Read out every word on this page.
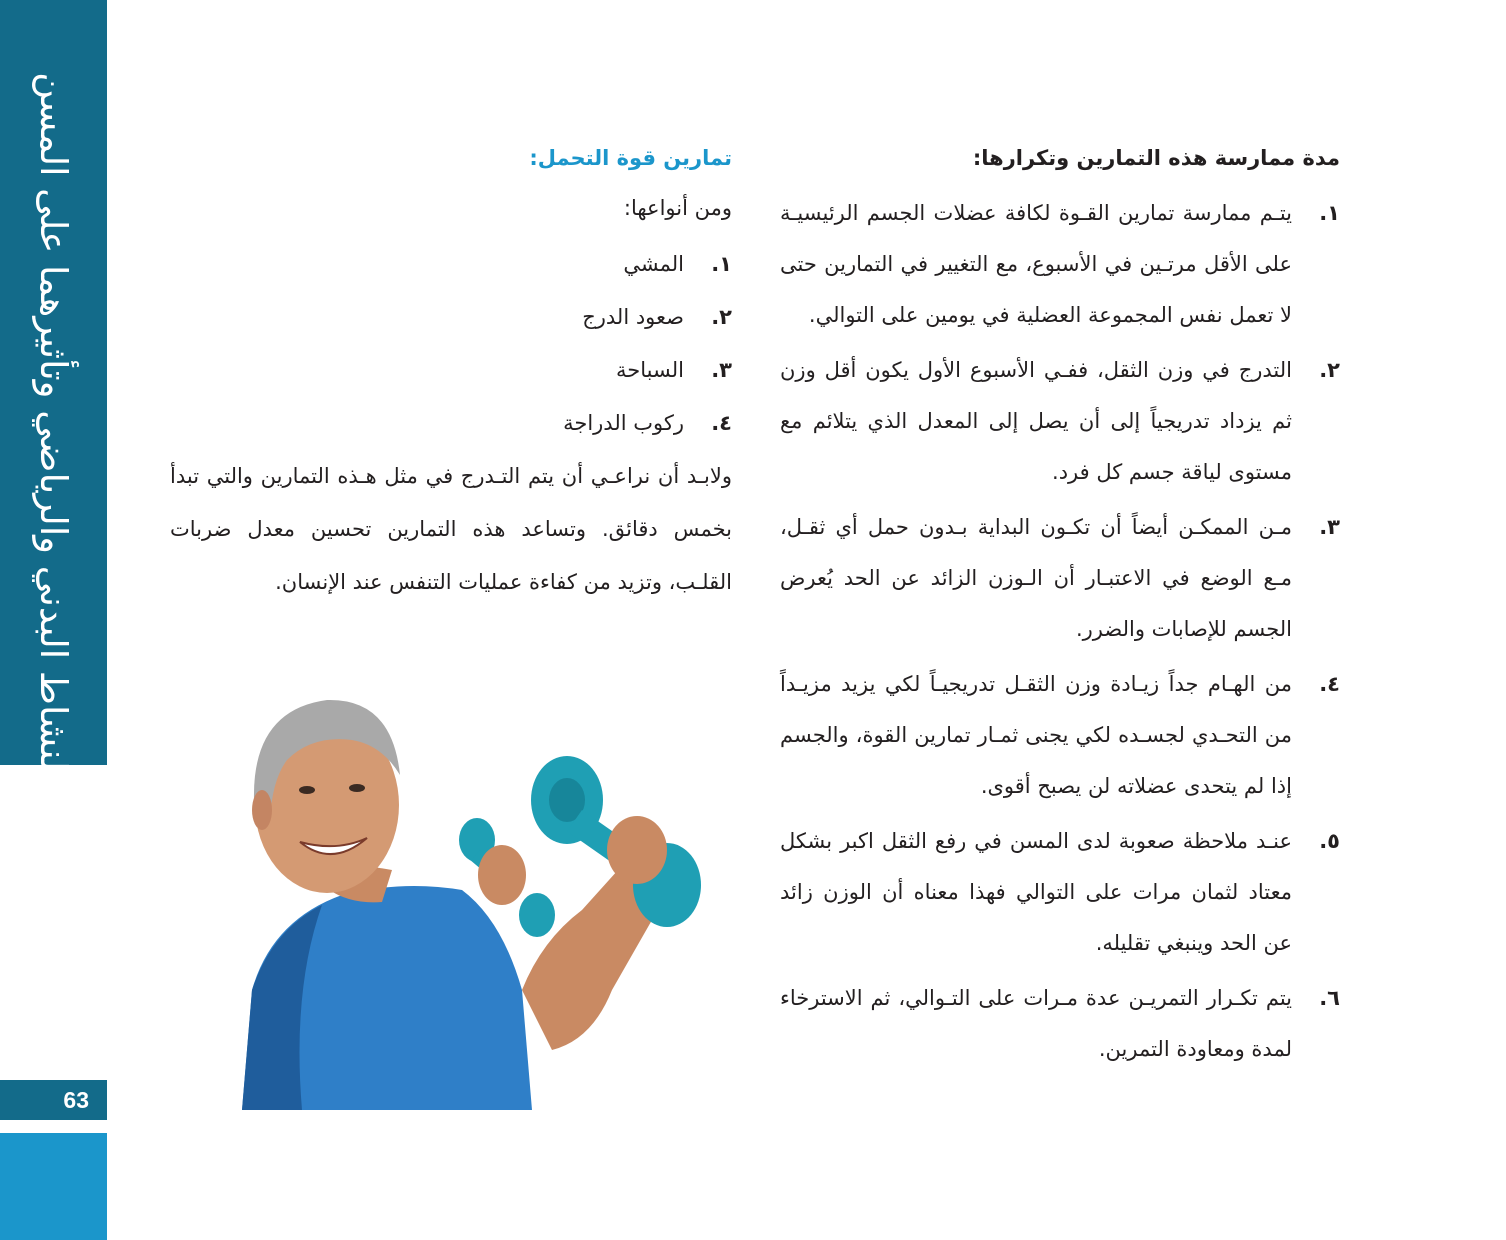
النشاط البدني والرياضي وتأثيرهما على المسن
63
مدة ممارسة هذه التمارين وتكرارها:
١.
يتـم ممارسة تمارين القـوة لكافة عضلات الجسم الرئيسيـة على الأقل مرتـين في الأسبوع، مع التغيير في التمارين حتى لا تعمل نفس المجموعة العضلية في يومين على التوالي.
٢.
التدرج في وزن الثقل، ففـي الأسبوع الأول يكون أقل وزن ثم يزداد تدريجياً إلى أن يصل إلى المعدل الذي يتلائم مع مستوى لياقة جسم كل فرد.
٣.
مـن الممكـن أيضاً أن تكـون البداية بـدون حمل أي ثقـل، مـع الوضع في الاعتبـار أن الـوزن الزائد عن الحد يُعرض الجسم للإصابات والضرر.
٤.
من الهـام جداً زيـادة وزن الثقـل تدريجيـاً لكي يزيد مزيـداً من التحـدي لجسـده لكي يجنى ثمـار تمارين القوة، والجسم إذا لم يتحدى عضلاته لن يصبح أقوى.
٥.
عنـد ملاحظة صعوبة لدى المسن في رفع الثقل اكبر بشكل معتاد لثمان مرات على التوالي فهذا معناه أن الوزن زائد عن الحد وينبغي تقليله.
٦.
يتم تكـرار التمريـن عدة مـرات على التـوالي، ثم الاسترخاء لمدة ومعاودة التمرين.
تمارين قوة التحمل:
ومن أنواعها:
١.
المشي
٢.
صعود الدرج
٣.
السباحة
٤.
ركوب الدراجة

ولابـد أن نراعـي أن يتم التـدرج في مثل هـذه التمارين والتي تبدأ بخمس دقائق. وتساعد هذه التمارين تحسين معدل ضربات القلـب، وتزيد من كفاءة عمليات التنفس عند الإنسان.
